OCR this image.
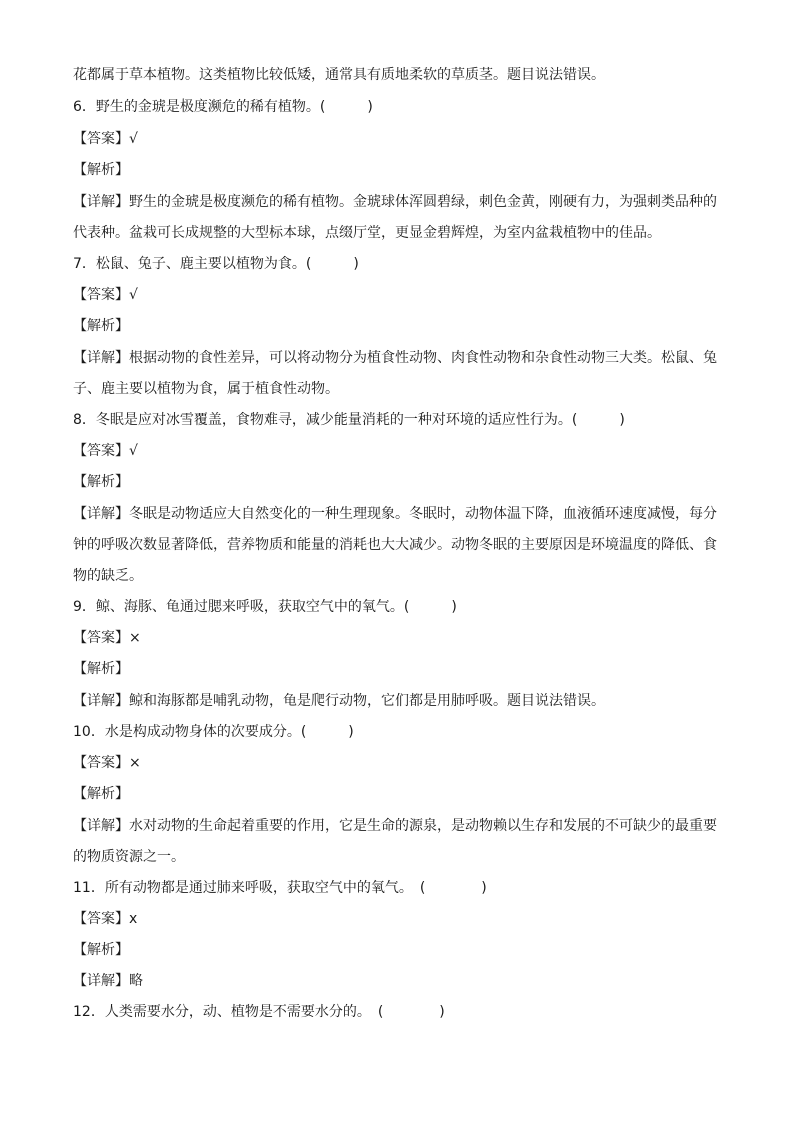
花都属于草本植物。这类植物比较低矮，通常具有质地柔软的草质茎。题目说法错误。
6．野生的金琥是极度濒危的稀有植物。(　　　)
【答案】√
【解析】
【详解】野生的金琥是极度濒危的稀有植物。金琥球体浑圆碧绿，刺色金黄，刚硬有力，为强刺类品种的
代表种。盆栽可长成规整的大型标本球，点缀厅堂，更显金碧辉煌，为室内盆栽植物中的佳品。
7．松鼠、兔子、鹿主要以植物为食。(　　　)
【答案】√
【解析】
【详解】根据动物的食性差异，可以将动物分为植食性动物、肉食性动物和杂食性动物三大类。松鼠、兔
子、鹿主要以植物为食，属于植食性动物。
8．冬眠是应对冰雪覆盖，食物难寻，减少能量消耗的一种对环境的适应性行为。(　　　)
【答案】√
【解析】
【详解】冬眠是动物适应大自然变化的一种生理现象。冬眠时，动物体温下降，血液循环速度减慢，每分
钟的呼吸次数显著降低，营养物质和能量的消耗也大大减少。动物冬眠的主要原因是环境温度的降低、食
物的缺乏。
9．鲸、海豚、龟通过腮来呼吸，获取空气中的氧气。(　　　)
【答案】×
【解析】
【详解】鲸和海豚都是哺乳动物，龟是爬行动物，它们都是用肺呼吸。题目说法错误。
10．水是构成动物身体的次要成分。(　　　)
【答案】×
【解析】
【详解】水对动物的生命起着重要的作用，它是生命的源泉，是动物赖以生存和发展的不可缺少的最重要
的物质资源之一。
11．所有动物都是通过肺来呼吸，获取空气中的氧气。　(　　　　)
【答案】x
【解析】
【详解】略
12．人类需要水分，动、植物是不需要水分的。　(　　　　)
